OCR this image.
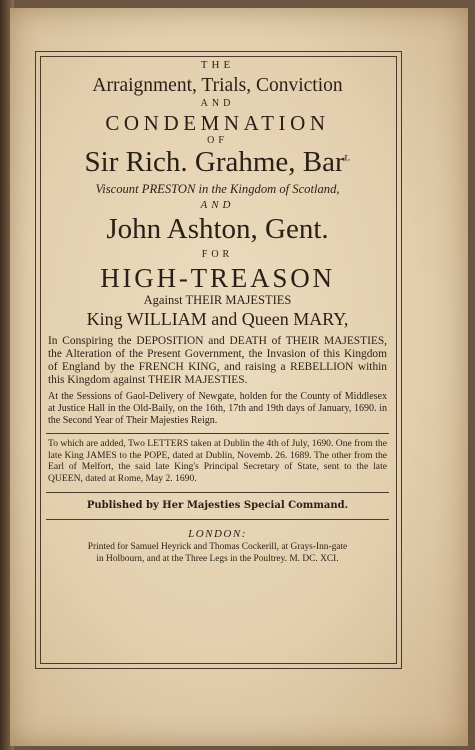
THE
Arraignment, Trials, Conviction
AND
CONDEMNATION
OF
Sir Rich. Grahme, Bar$^{t.}$
Viscount PRESTON in the Kingdom of Scotland,
AND
John Ashton, Gent.
FOR
HIGH-TREASON
Against THEIR MAJESTIES
King WILLIAM and Queen MARY,

In Conspiring the DEPOSITION and DEATH of THEIR MAJESTIES, the Alteration of the Present Government, the Invasion of this Kingdom of England by the FRENCH KING, and raising a REBELLION within this Kingdom against THEIR MAJESTIES.

At the Sessions of Gaol-Delivery of Newgate, holden for the County of Middlesex at Justice Hall in the Old-Baily, on the 16th, 17th and 19th days of January, 1690. in the Second Year of Their Majesties Reign.

To which are added, Two LETTERS taken at Dublin the 4th of July, 1690. One from the late King JAMES to the POPE, dated at Dublin, Novemb. 26. 1689. The other from the Earl of Melfort, the said late King's Principal Secretary of State, sent to the late QUEEN, dated at Rome, May 2. 1690.

Published by Her Majesties Special Command.
LONDON:
Printed for Samuel Heyrick and Thomas Cockerill, at Grays-Inn-gate
in Holbourn, and at the Three Legs in the Poultrey. M. DC. XCI.
